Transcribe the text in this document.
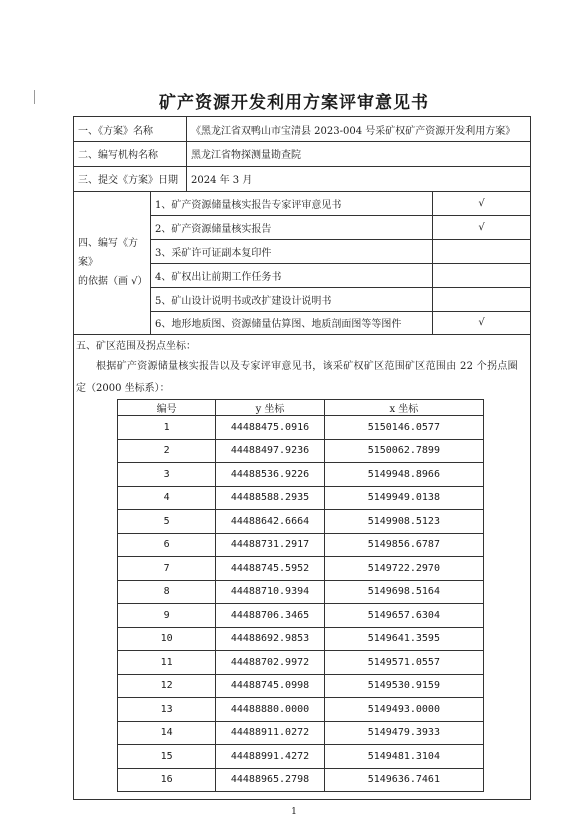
矿产资源开发利用方案评审意见书
一、《方案》名称	《黑龙江省双鸭山市宝清县 2023-004 号采矿权矿产资源开发利用方案》
二、编写机构名称	黑龙江省物探测量勘查院
三、提交《方案》日期	2024 年 3 月
四、编写《方案》
的依据（画 √）
1、矿产资源储量核实报告专家评审意见书	√
2、矿产资源储量核实报告	√
3、采矿许可证副本复印件
4、矿权出让前期工作任务书
5、矿山设计说明书或改扩建设计说明书
6、地形地质图、资源储量估算图、地质剖面图等等图件	√
五、矿区范围及拐点坐标：
根据矿产资源储量核实报告以及专家评审意见书，该采矿权矿区范围矿区范围由 22 个拐点圈
定（2000 坐标系）：
编号	y 坐标	x 坐标
1	44488475.0916	5150146.0577
2	44488497.9236	5150062.7899
3	44488536.9226	5149948.8966
4	44488588.2935	5149949.0138
5	44488642.6664	5149908.5123
6	44488731.2917	5149856.6787
7	44488745.5952	5149722.2970
8	44488710.9394	5149698.5164
9	44488706.3465	5149657.6304
10	44488692.9853	5149641.3595
11	44488702.9972	5149571.0557
12	44488745.0998	5149530.9159
13	44488880.0000	5149493.0000
14	44488911.0272	5149479.3933
15	44488991.4272	5149481.3104
16	44488965.2798	5149636.7461
1
